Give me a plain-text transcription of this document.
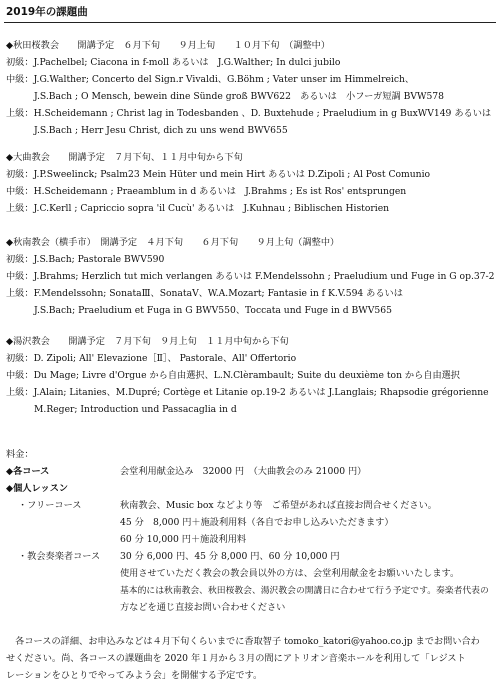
2019年の課題曲
◆秋田桜教会　　開講予定　６月下旬　　９月上旬　　１０月下旬　（調整中）
初級：J.Pachelbel; Ciacona in f-moll あるいは　J.G.Walther; In dulci jubilo
中級：J.G.Walther; Concerto del Sign.r Vivaldi、G.Böhm ; Vater unser im Himmelreich、
J.S.Bach ; O Mensch, bewein dine Sünde groß BWV622　あるいは　小フーガ短調 BVW578
上級：H.Scheidemann ; Christ lag in Todesbanden 、D. Buxtehude ; Praeludium in g BuxWV149 あるいは
J.S.Bach ; Herr Jesu Christ, dich zu uns wend BWV655
◆大曲教会　　開講予定　７月下旬、１１月中旬から下旬
初級：J.P.Sweelinck; Psalm23 Mein Hüter und mein Hirt あるいは D.Zipoli ; Al Post Comunio
中級：H.Scheidemann ; Praeamblum in d あるいは　J.Brahms ; Es ist Ros' entsprungen
上級：J.C.Kerll ; Capriccio sopra 'il Cucù' あるいは　J.Kuhnau ; Biblischen Historien
◆秋南教会（横手市）　開講予定　４月下旬　　６月下旬　　９月上旬（調整中）
初級：J.S.Bach; Pastorale BWV590
中級：J.Brahms; Herzlich tut mich verlangen あるいは F.Mendelssohn ; Praeludium und Fuge in G op.37-2
上級：F.Mendelssohn; SonataⅢ、SonataⅤ、W.A.Mozart; Fantasie in f K.V.594 あるいは
J.S.Bach; Praeludium et Fuga in G BWV550、Toccata und Fuge in d BWV565
◆湯沢教会　　開講予定　７月下旬　９月上旬　１１月中旬から下旬
初級：D. Zipoli; All' Elevazione［Ⅱ］、 Pastorale、All' Offertorio
中級：Du Mage; Livre d'Orgue から自由選択、L.N.Clèrambault; Suite du deuxième ton から自由選択
上級：J.Alain; Litanies、M.Dupré; Cortège et Litanie op.19-2 あるいは J.Langlais; Rhapsodie grégorienne
M.Reger; Introduction und Passacaglia in d
料金：
◆各コース	会堂利用献金込み　32000 円　（大曲教会のみ 21000 円）
◆個人レッスン
・フリーコース	秋南教会、Music box などより等　ご希望があれば直接お問合せください。
45 分　8,000 円＋施設利用料（各自でお申し込みいただきます）
60 分 10,000 円＋施設利用料
・教会奏楽者コース 30 分 6,000 円、45 分 8,000 円、60 分 10,000 円
使用させていただく教会の教会員以外の方は、会堂利用献金をお願いいたします。
基本的には秋南教会、秋田桜教会、湯沢教会の開講日に合わせて行う予定です。奏楽者代表の
方などを通じ直接お問い合わせください
　各コースの詳細、お申込みなどは４月下旬くらいまでに香取智子 tomoko_katori@yahoo.co.jp までお問い合わ
せください。尚、各コースの課題曲を 2020 年１月から３月の間にアトリオン音楽ホールを利用して「レジスト
レーションをひとりでやってみよう会」を開催する予定です。
